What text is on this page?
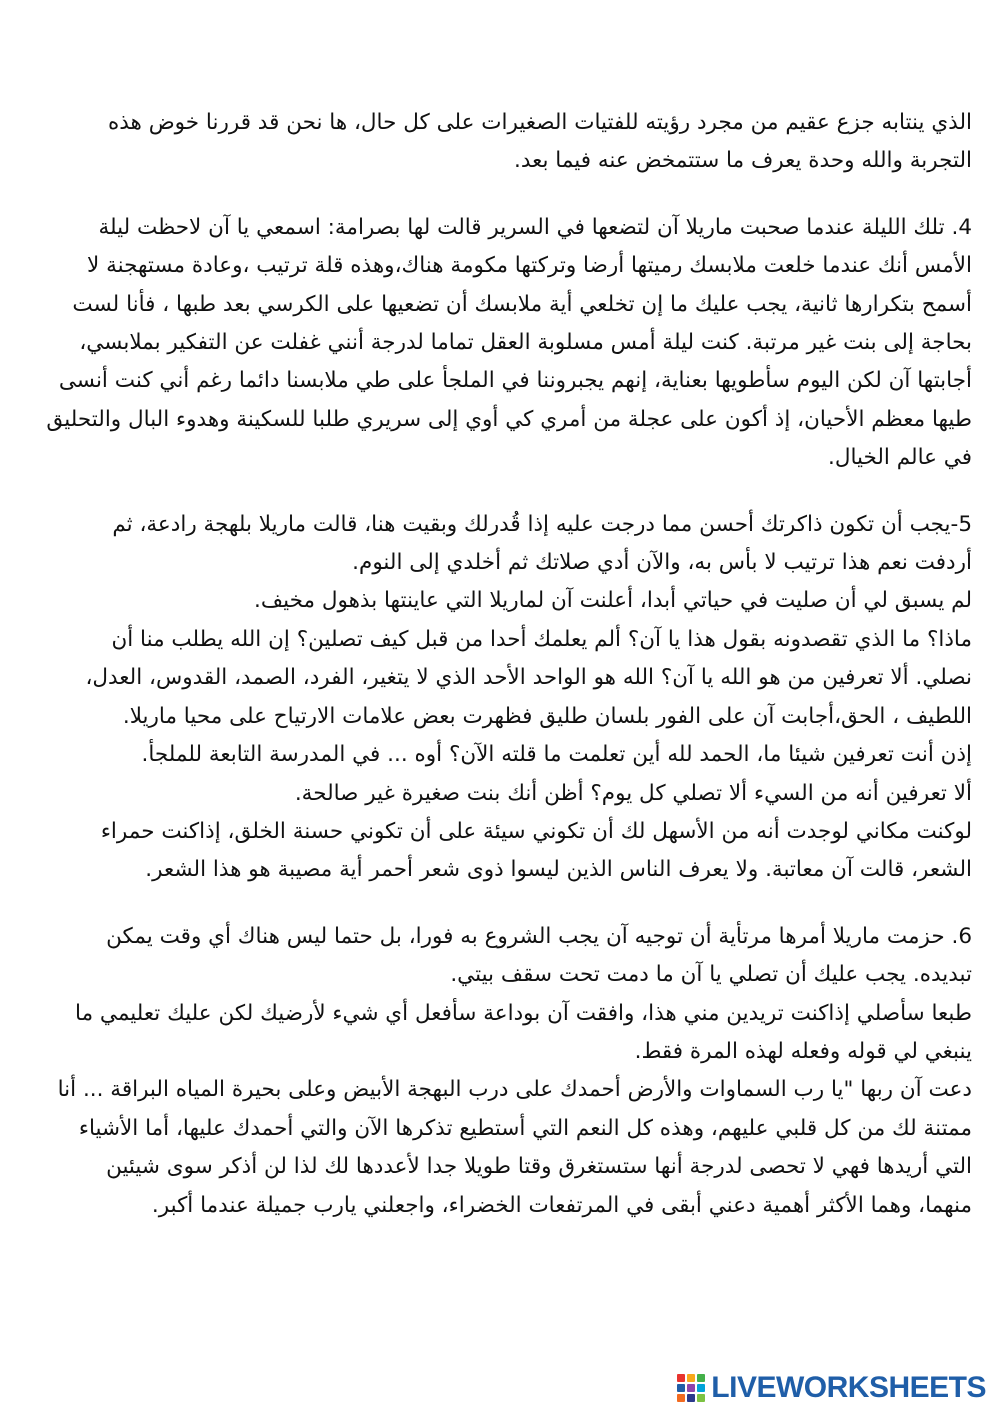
الذي ينتابه جزع عقيم من مجرد رؤيته للفتيات الصغيرات على كل حال، ها نحن قد قررنا خوض هذه
التجربة والله وحدة يعرف ما ستتمخض عنه فيما بعد.
4. تلك الليلة عندما صحبت ماريلا آن لتضعها في السرير قالت لها بصرامة: اسمعي يا آن لاحظت ليلة
الأمس أنك عندما خلعت ملابسك رميتها أرضا وتركتها مكومة هناك،وهذه قلة ترتيب ،وعادة مستهجنة لا
أسمح بتكرارها ثانية، يجب عليك ما إن تخلعي أية ملابسك أن تضعيها على الكرسي بعد طبها ، فأنا لست
بحاجة إلى بنت غير مرتبة. كنت ليلة أمس مسلوبة العقل تماما لدرجة أنني غفلت عن التفكير بملابسي،
أجابتها آن لكن اليوم سأطويها بعناية، إنهم يجبروننا في الملجأ على طي ملابسنا دائما رغم أني كنت أنسى
طيها معظم الأحيان، إذ أكون على عجلة من أمري كي أوي إلى سريري طلبا للسكينة وهدوء البال والتحليق
في عالم الخيال.
5-يجب أن تكون ذاكرتك أحسن مما درجت عليه إذا قُدرلك وبقيت هنا، قالت ماريلا بلهجة رادعة، ثم
أردفت نعم هذا ترتيب لا بأس به، والآن أدي صلاتك ثم أخلدي إلى النوم.
لم يسبق لي أن صليت في حياتي أبدا، أعلنت آن لماريلا التي عاينتها بذهول مخيف.
ماذا؟ ما الذي تقصدونه بقول هذا يا آن؟ ألم يعلمك أحدا من قبل كيف تصلين؟ إن الله يطلب منا أن
نصلي. ألا تعرفين من هو الله يا آن؟ الله هو الواحد الأحد الذي لا يتغير، الفرد، الصمد، القدوس، العدل،
اللطيف ، الحق،أجابت آن على الفور بلسان طليق فظهرت بعض علامات الارتياح على محيا ماريلا.
إذن أنت تعرفين شيئا ما، الحمد لله أين تعلمت ما قلته الآن؟ أوه ... في المدرسة التابعة للملجأ.
ألا تعرفين أنه من السيء ألا تصلي كل يوم؟ أظن أنك بنت صغيرة غير صالحة.
لوكنت مكاني لوجدت أنه من الأسهل لك أن تكوني سيئة على أن تكوني حسنة الخلق، إذاكنت حمراء
الشعر، قالت آن معاتبة. ولا يعرف الناس الذين ليسوا ذوى شعر أحمر أية مصيبة هو هذا الشعر.
6. حزمت ماريلا أمرها مرتأية أن توجيه آن يجب الشروع به فورا، بل حتما ليس هناك أي وقت يمكن
تبديده. يجب عليك أن تصلي يا آن ما دمت تحت سقف بيتي.
طبعا سأصلي إذاكنت تريدين مني هذا، وافقت آن بوداعة سأفعل أي شيء لأرضيك لكن عليك تعليمي ما
ينبغي لي قوله وفعله لهذه المرة فقط.
دعت آن ربها "يا رب السماوات والأرض أحمدك على درب البهجة الأبيض وعلى بحيرة المياه البراقة ... أنا
ممتنة لك من كل قلبي عليهم، وهذه كل النعم التي أستطيع تذكرها الآن والتي أحمدك عليها، أما الأشياء
التي أريدها فهي لا تحصى لدرجة أنها ستستغرق وقتا طويلا جدا لأعددها لك لذا لن أذكر سوى شيئين
منهما، وهما الأكثر أهمية دعني أبقى في المرتفعات الخضراء، واجعلني يارب جميلة عندما أكبر.
LIVEWORKSHEETS
